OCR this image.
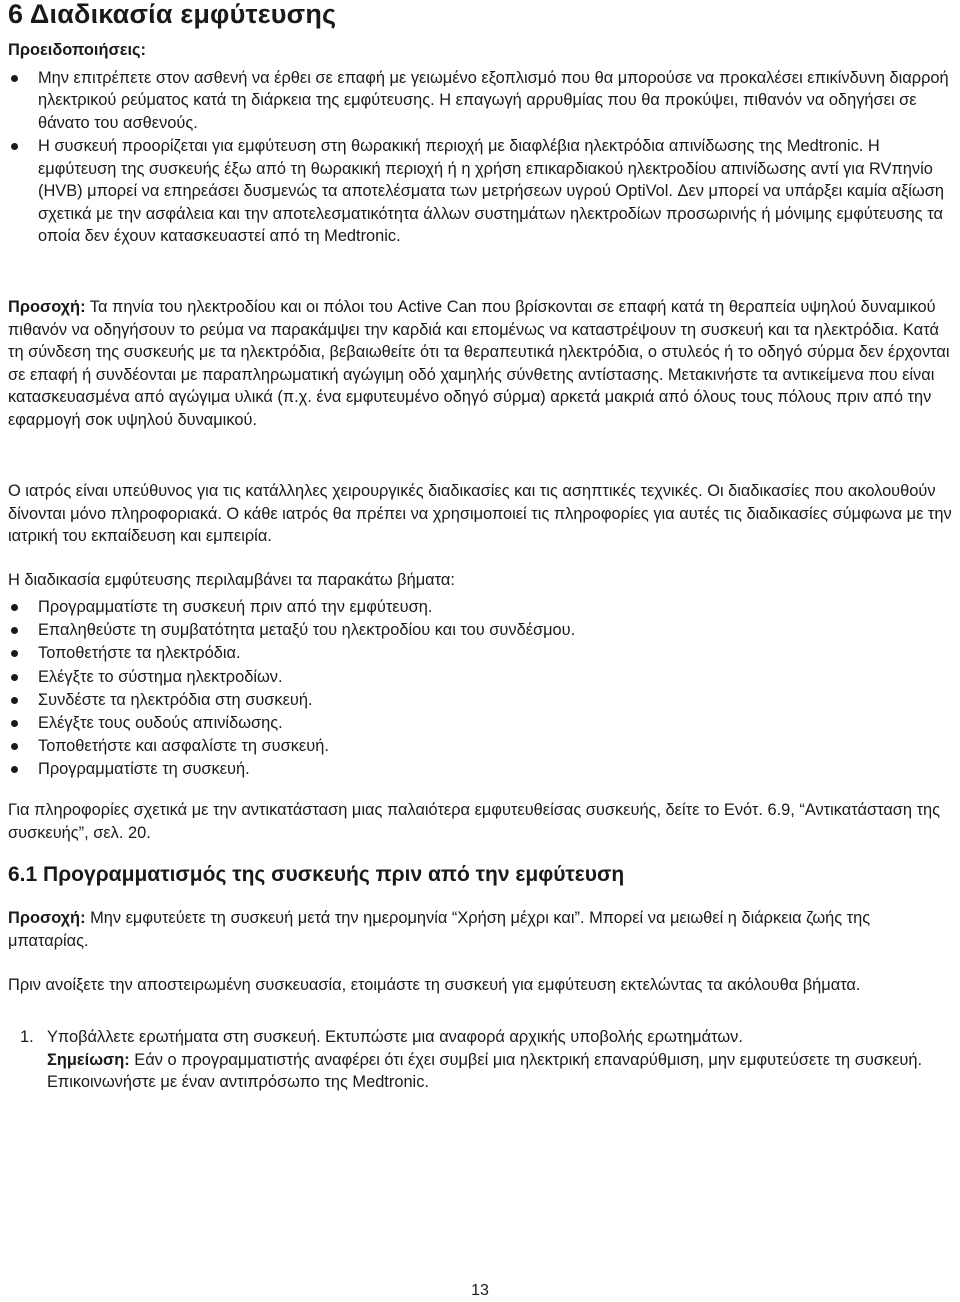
6 Διαδικασία εμφύτευσης

Προειδοποιήσεις:

Μην επιτρέπετε στον ασθενή να έρθει σε επαφή με γειωμένο εξοπλισμό που θα μπορούσε να προκαλέσει επικίνδυνη διαρροή ηλεκτρικού ρεύματος κατά τη διάρκεια της εμφύτευσης. Η επαγωγή αρρυθμίας που θα προκύψει, πιθανόν να οδηγήσει σε θάνατο του ασθενούς.
Η συσκευή προορίζεται για εμφύτευση στη θωρακική περιοχή με διαφλέβια ηλεκτρόδια απινίδωσης της Medtronic. Η εμφύτευση της συσκευής έξω από τη θωρακική περιοχή ή η χρήση επικαρδιακού ηλεκτροδίου απινίδωσης αντί για RVπηνίο (HVB) μπορεί να επηρεάσει δυσμενώς τα αποτελέσματα των μετρήσεων υγρού OptiVol. Δεν μπορεί να υπάρξει καμία αξίωση σχετικά με την ασφάλεια και την αποτελεσματικότητα άλλων συστημάτων ηλεκτροδίων προσωρινής ή μόνιμης εμφύτευσης τα οποία δεν έχουν κατασκευαστεί από τη Medtronic.

Προσοχή: Τα πηνία του ηλεκτροδίου και οι πόλοι του Active Can που βρίσκονται σε επαφή κατά τη θεραπεία υψηλού δυναμικού πιθανόν να οδηγήσουν το ρεύμα να παρακάμψει την καρδιά και επομένως να καταστρέψουν τη συσκευή και τα ηλεκτρόδια. Κατά τη σύνδεση της συσκευής με τα ηλεκτρόδια, βεβαιωθείτε ότι τα θεραπευτικά ηλεκτρόδια, ο στυλεός ή το οδηγό σύρμα δεν έρχονται σε επαφή ή συνδέονται με παραπληρωματική αγώγιμη οδό χαμηλής σύνθετης αντίστασης. Μετακινήστε τα αντικείμενα που είναι κατασκευασμένα από αγώγιμα υλικά (π.χ. ένα εμφυτευμένο οδηγό σύρμα) αρκετά μακριά από όλους τους πόλους πριν από την εφαρμογή σοκ υψηλού δυναμικού.

Ο ιατρός είναι υπεύθυνος για τις κατάλληλες χειρουργικές διαδικασίες και τις ασηπτικές τεχνικές. Οι διαδικασίες που ακολουθούν δίνονται μόνο πληροφοριακά. Ο κάθε ιατρός θα πρέπει να χρησιμοποιεί τις πληροφορίες για αυτές τις διαδικασίες σύμφωνα με την ιατρική του εκπαίδευση και εμπειρία.

Η διαδικασία εμφύτευσης περιλαμβάνει τα παρακάτω βήματα:

Προγραμματίστε τη συσκευή πριν από την εμφύτευση.
Επαληθεύστε τη συμβατότητα μεταξύ του ηλεκτροδίου και του συνδέσμου.
Τοποθετήστε τα ηλεκτρόδια.
Ελέγξτε το σύστημα ηλεκτροδίων.
Συνδέστε τα ηλεκτρόδια στη συσκευή.
Ελέγξτε τους ουδούς απινίδωσης.
Τοποθετήστε και ασφαλίστε τη συσκευή.
Προγραμματίστε τη συσκευή.

Για πληροφορίες σχετικά με την αντικατάσταση μιας παλαιότερα εμφυτευθείσας συσκευής, δείτε το Ενότ. 6.9, “Αντικατάσταση της συσκευής”, σελ. 20.

6.1 Προγραμματισμός της συσκευής πριν από την εμφύτευση

Προσοχή: Μην εμφυτεύετε τη συσκευή μετά την ημερομηνία “Χρήση μέχρι και”. Μπορεί να μειωθεί η διάρκεια ζωής της μπαταρίας.

Πριν ανοίξετε την αποστειρωμένη συσκευασία, ετοιμάστε τη συσκευή για εμφύτευση εκτελώντας τα ακόλουθα βήματα.

1. Υποβάλλετε ερωτήματα στη συσκευή. Εκτυπώστε μια αναφορά αρχικής υποβολής ερωτημάτων.
Σημείωση: Εάν ο προγραμματιστής αναφέρει ότι έχει συμβεί μια ηλεκτρική επαναρύθμιση, μην εμφυτεύσετε τη συσκευή. Επικοινωνήστε με έναν αντιπρόσωπο της Medtronic.
13
